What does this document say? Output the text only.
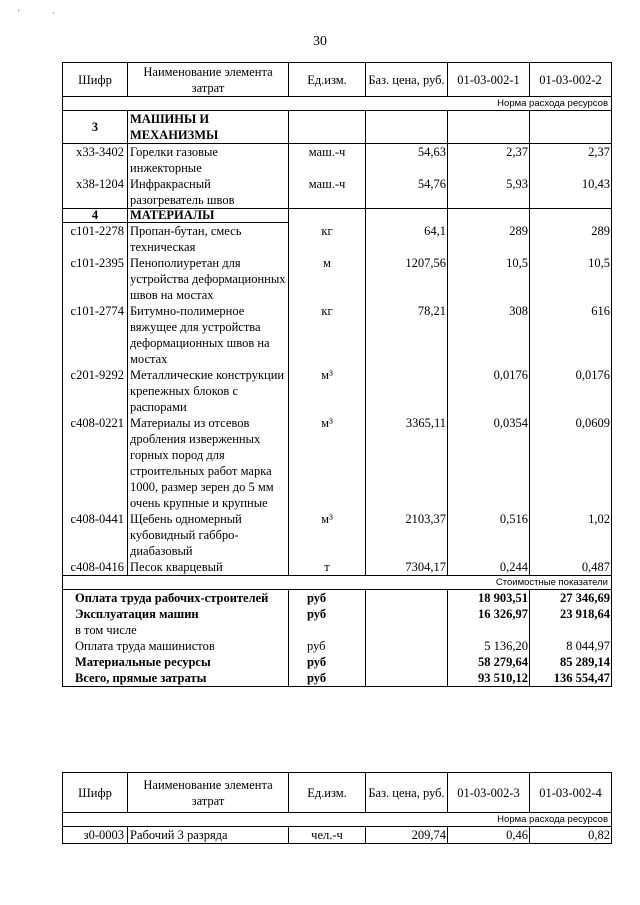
'	·
30
Шифр	Наименование элемента затрат	Ед.изм.	Баз. цена, руб.	01-03-002-1	01-03-002-2
Норма расхода ресурсов					
3	МАШИНЫ И МЕХАНИЗМЫ				
x33-3402	Горелки газовые инжекторные	маш.-ч	54,63	2,37	2,37
x38-1204	Инфракрасный разогреватель швов	маш.-ч	54,76	5,93	10,43
4	МАТЕРИАЛЫ				
c101-2278	Пропан-бутан, смесь техническая	кг	64,1	289	289
c101-2395	Пенополиуретан для устройства деформационных швов на мостах	м	1207,56	10,5	10,5
c101-2774	Битумно-полимерное вяжущее для устройства деформационных швов на мостах	кг	78,21	308	616
c201-9292	Металлические конструкции крепежных блоков с распорами	м³		0,0176	0,0176
c408-0221	Материалы из отсевов дробления изверженных горных пород для строительных работ марка 1000, размер зерен до 5 мм очень крупные и крупные	м³	3365,11	0,0354	0,0609
c408-0441	Щебень одномерный кубовидный габбро-диабазовый	м³	2103,37	0,516	1,02
c408-0416	Песок кварцевый	т	7304,17	0,244	0,487
Стоимостные показатели					
Оплата труда рабочих-строителей		руб		18 903,51	27 346,69
Эксплуатация машин		руб		16 326,97	23 918,64
в том числе					
Оплата труда машинистов		руб		5 136,20	8 044,97
Материальные ресурсы		руб		58 279,64	85 289,14
Всего, прямые затраты		руб		93 510,12	136 554,47
Шифр	Наименование элемента затрат	Ед.изм.	Баз. цена, руб.	01-03-002-3	01-03-002-4
Норма расхода ресурсов					
з0-0003	Рабочий 3 разряда	чел.-ч	209,74	0,46	0,82
